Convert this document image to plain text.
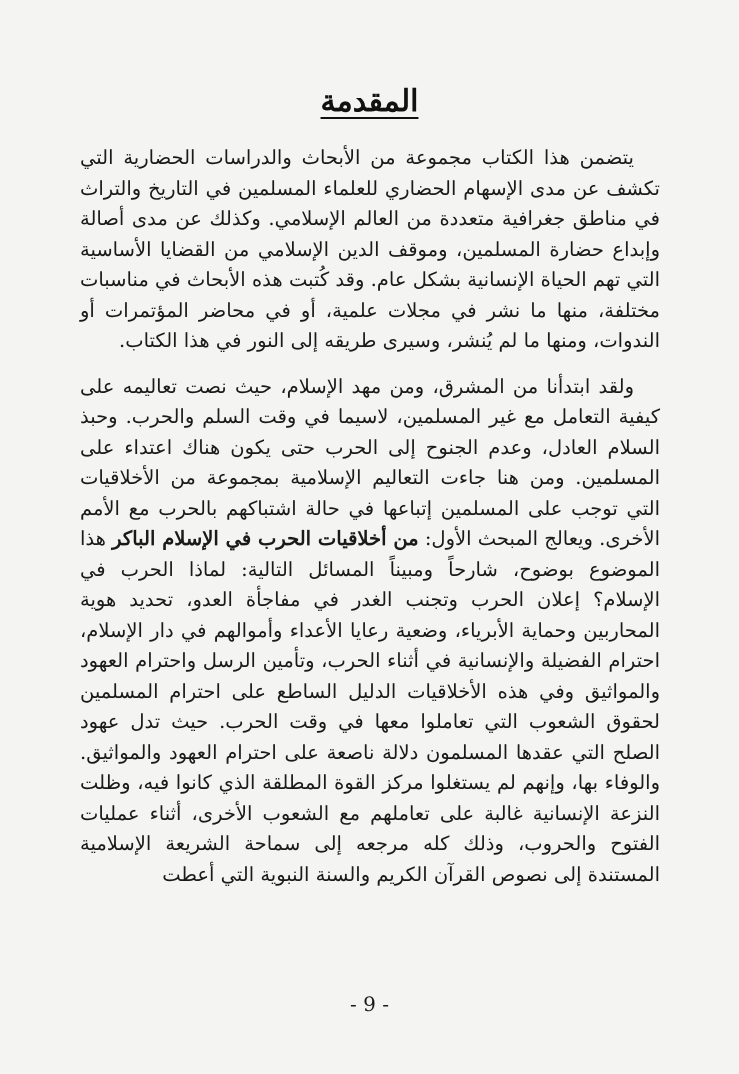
المقدمة

يتضمن هذا الكتاب مجموعة من الأبحاث والدراسات الحضارية التي تكشف عن مدى الإسهام الحضاري للعلماء المسلمين في التاريخ والتراث في مناطق جغرافية متعددة من العالم الإسلامي. وكذلك عن مدى أصالة وإبداع حضارة المسلمين، وموقف الدين الإسلامي من القضايا الأساسية التي تهم الحياة الإنسانية بشكل عام. وقد كُتبت هذه الأبحاث في مناسبات مختلفة، منها ما نشر في مجلات علمية، أو في محاضر المؤتمرات أو الندوات، ومنها ما لم يُنشر، وسيرى طريقه إلى النور في هذا الكتاب.

ولقد ابتدأنا من المشرق، ومن مهد الإسلام، حيث نصت تعاليمه على كيفية التعامل مع غير المسلمين، لاسيما في وقت السلم والحرب. وحبذ السلام العادل، وعدم الجنوح إلى الحرب حتى يكون هناك اعتداء على المسلمين. ومن هنا جاءت التعاليم الإسلامية بمجموعة من الأخلاقيات التي توجب على المسلمين إتباعها في حالة اشتباكهم بالحرب مع الأمم الأخرى. ويعالج المبحث الأول: من أخلاقيات الحرب في الإسلام الباكر هذا الموضوع بوضوح، شارحاً ومبيناً المسائل التالية: لماذا الحرب في الإسلام؟ إعلان الحرب وتجنب الغدر في مفاجأة العدو، تحديد هوية المحاربين وحماية الأبرياء، وضعية رعايا الأعداء وأموالهم في دار الإسلام، احترام الفضيلة والإنسانية في أثناء الحرب، وتأمين الرسل واحترام العهود والمواثيق وفي هذه الأخلاقيات الدليل الساطع على احترام المسلمين لحقوق الشعوب التي تعاملوا معها في وقت الحرب. حيث تدل عهود الصلح التي عقدها المسلمون دلالة ناصعة على احترام العهود والمواثيق. والوفاء بها، وإنهم لم يستغلوا مركز القوة المطلقة الذي كانوا فيه، وظلت النزعة الإنسانية غالبة على تعاملهم مع الشعوب الأخرى، أثناء عمليات الفتوح والحروب، وذلك كله مرجعه إلى سماحة الشريعة الإسلامية المستندة إلى نصوص القرآن الكريم والسنة النبوية التي أعطت

- 9 -
